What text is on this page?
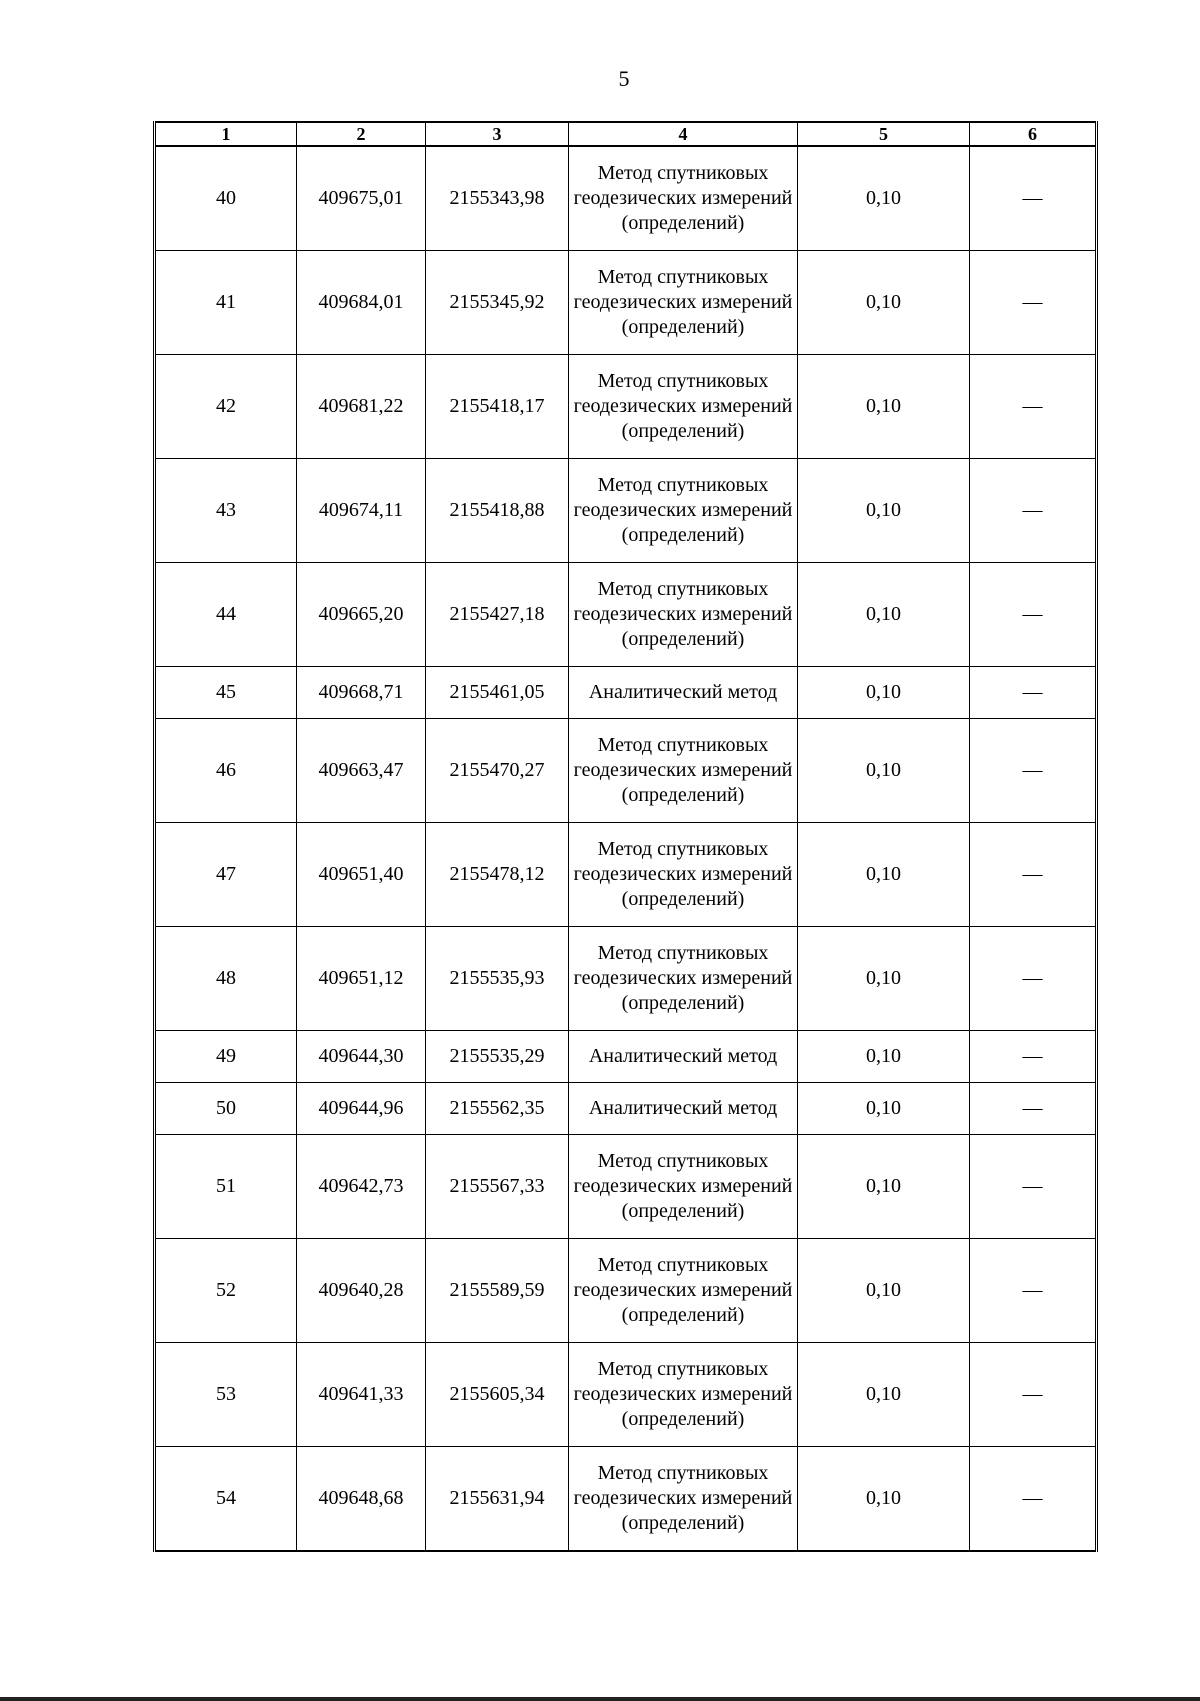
5
1	2	3	4	5	6
40	409675,01	2155343,98	Метод спутниковых геодезических измерений (определений)	0,10	—
41	409684,01	2155345,92	Метод спутниковых геодезических измерений (определений)	0,10	—
42	409681,22	2155418,17	Метод спутниковых геодезических измерений (определений)	0,10	—
43	409674,11	2155418,88	Метод спутниковых геодезических измерений (определений)	0,10	—
44	409665,20	2155427,18	Метод спутниковых геодезических измерений (определений)	0,10	—
45	409668,71	2155461,05	Аналитический метод	0,10	—
46	409663,47	2155470,27	Метод спутниковых геодезических измерений (определений)	0,10	—
47	409651,40	2155478,12	Метод спутниковых геодезических измерений (определений)	0,10	—
48	409651,12	2155535,93	Метод спутниковых геодезических измерений (определений)	0,10	—
49	409644,30	2155535,29	Аналитический метод	0,10	—
50	409644,96	2155562,35	Аналитический метод	0,10	—
51	409642,73	2155567,33	Метод спутниковых геодезических измерений (определений)	0,10	—
52	409640,28	2155589,59	Метод спутниковых геодезических измерений (определений)	0,10	—
53	409641,33	2155605,34	Метод спутниковых геодезических измерений (определений)	0,10	—
54	409648,68	2155631,94	Метод спутниковых геодезических измерений (определений)	0,10	—
